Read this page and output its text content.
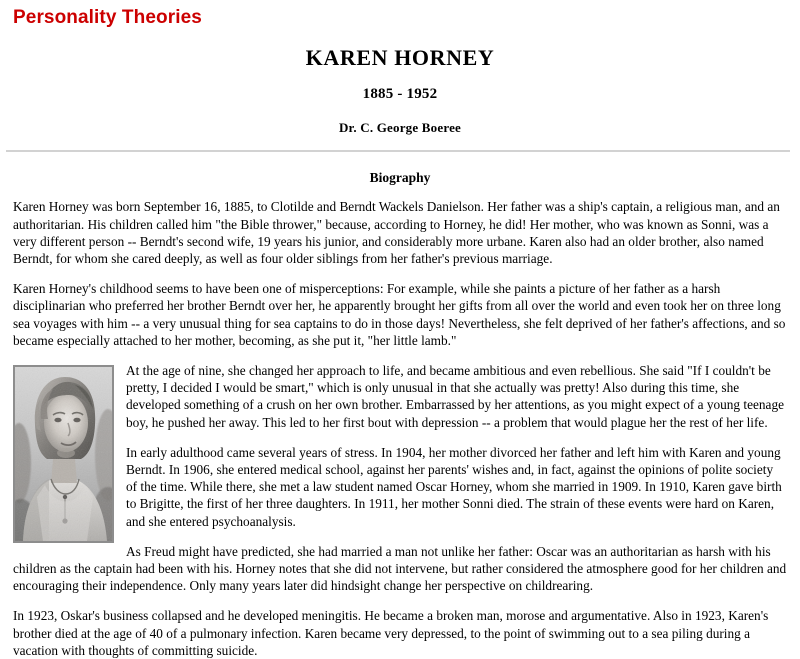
Personality Theories
KAREN HORNEY
1885 - 1952
Dr. C. George Boeree
Biography

Karen Horney was born September 16, 1885, to Clotilde and Berndt Wackels Danielson. Her father was a ship's captain, a religious man, and an authoritarian. His children called him "the Bible thrower," because, according to Horney, he did! Her mother, who was known as Sonni, was a very different person -- Berndt's second wife, 19 years his junior, and considerably more urbane. Karen also had an older brother, also named Berndt, for whom she cared deeply, as well as four older siblings from her father's previous marriage.

Karen Horney's childhood seems to have been one of misperceptions: For example, while she paints a picture of her father as a harsh disciplinarian who preferred her brother Berndt over her, he apparently brought her gifts from all over the world and even took her on three long sea voyages with him -- a very unusual thing for sea captains to do in those days! Nevertheless, she felt deprived of her father's affections, and so became especially attached to her mother, becoming, as she put it, "her little lamb."

At the age of nine, she changed her approach to life, and became ambitious and even rebellious. She said "If I couldn't be pretty, I decided I would be smart," which is only unusual in that she actually was pretty! Also during this time, she developed something of a crush on her own brother. Embarrassed by her attentions, as you might expect of a young teenage boy, he pushed her away. This led to her first bout with depression -- a problem that would plague her the rest of her life.

In early adulthood came several years of stress. In 1904, her mother divorced her father and left him with Karen and young Berndt. In 1906, she entered medical school, against her parents' wishes and, in fact, against the opinions of polite society of the time. While there, she met a law student named Oscar Horney, whom she married in 1909. In 1910, Karen gave birth to Brigitte, the first of her three daughters. In 1911, her mother Sonni died. The strain of these events were hard on Karen, and she entered psychoanalysis.

As Freud might have predicted, she had married a man not unlike her father: Oscar was an authoritarian as harsh with his children as the captain had been with his. Horney notes that she did not intervene, but rather considered the atmosphere good for her children and encouraging their independence. Only many years later did hindsight change her perspective on childrearing.

In 1923, Oskar's business collapsed and he developed meningitis. He became a broken man, morose and argumentative. Also in 1923, Karen's brother died at the age of 40 of a pulmonary infection. Karen became very depressed, to the point of swimming out to a sea piling during a vacation with thoughts of committing suicide.
